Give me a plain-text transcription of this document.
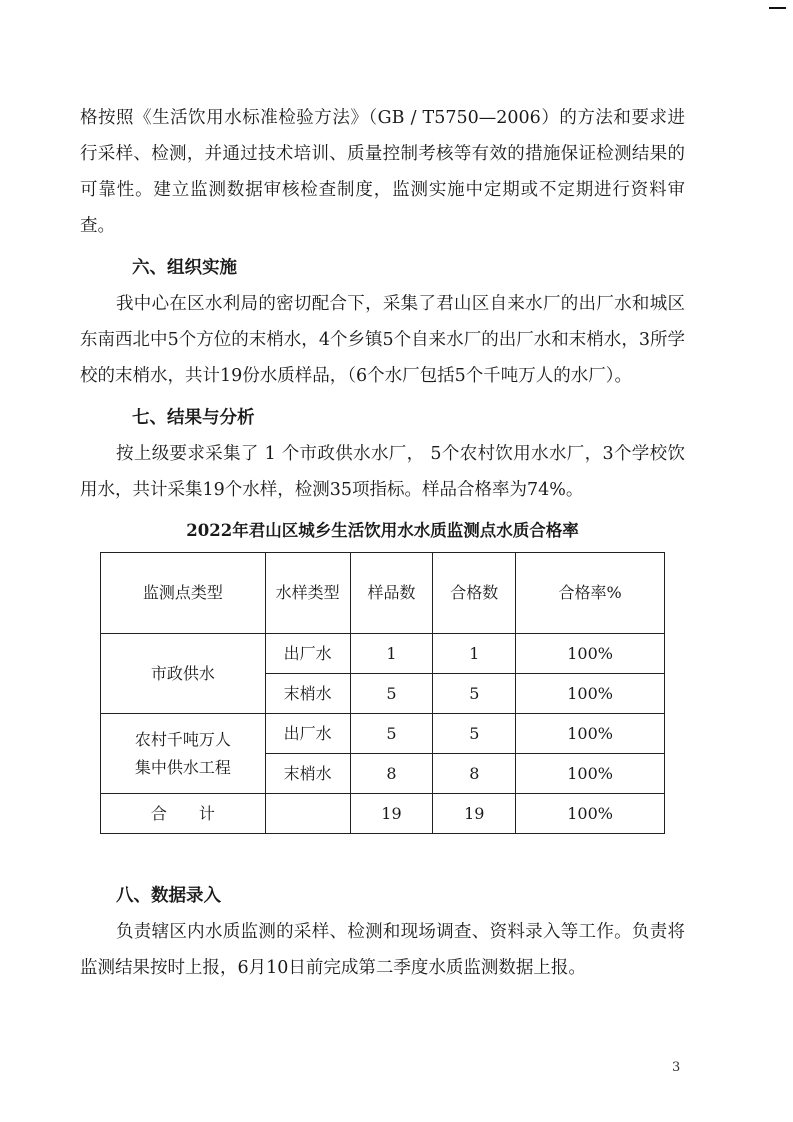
格按照《生活饮用水标准检验方法》（GB / T5750—2006）的方法和要求进行采样、检测，并通过技术培训、质量控制考核等有效的措施保证检测结果的可靠性。建立监测数据审核检查制度，监测实施中定期或不定期进行资料审查。

六、组织实施

我中心在区水利局的密切配合下，采集了君山区自来水厂的出厂水和城区东南西北中5个方位的末梢水，4个乡镇5个自来水厂的出厂水和末梢水，3所学校的末梢水，共计19份水质样品，（6个水厂包括5个千吨万人的水厂）。

七、结果与分析

按上级要求采集了 1 个市政供水水厂， 5个农村饮用水水厂，3个学校饮用水，共计采集19个水样，检测35项指标。样品合格率为74%。

2022年君山区城乡生活饮用水水质监测点水质合格率

监测点类型	水样类型	样品数	合格数	合格率%
市政供水	出厂水	1	1	100%
	末梢水	5	5	100%
农村千吨万人
集中供水工程	出厂水	5	5	100%
	末梢水	8	8	100%
合　　计		19	19	100%

八、数据录入

负责辖区内水质监测的采样、检测和现场调查、资料录入等工作。负责将监测结果按时上报，6月10日前完成第二季度水质监测数据上报。

3
